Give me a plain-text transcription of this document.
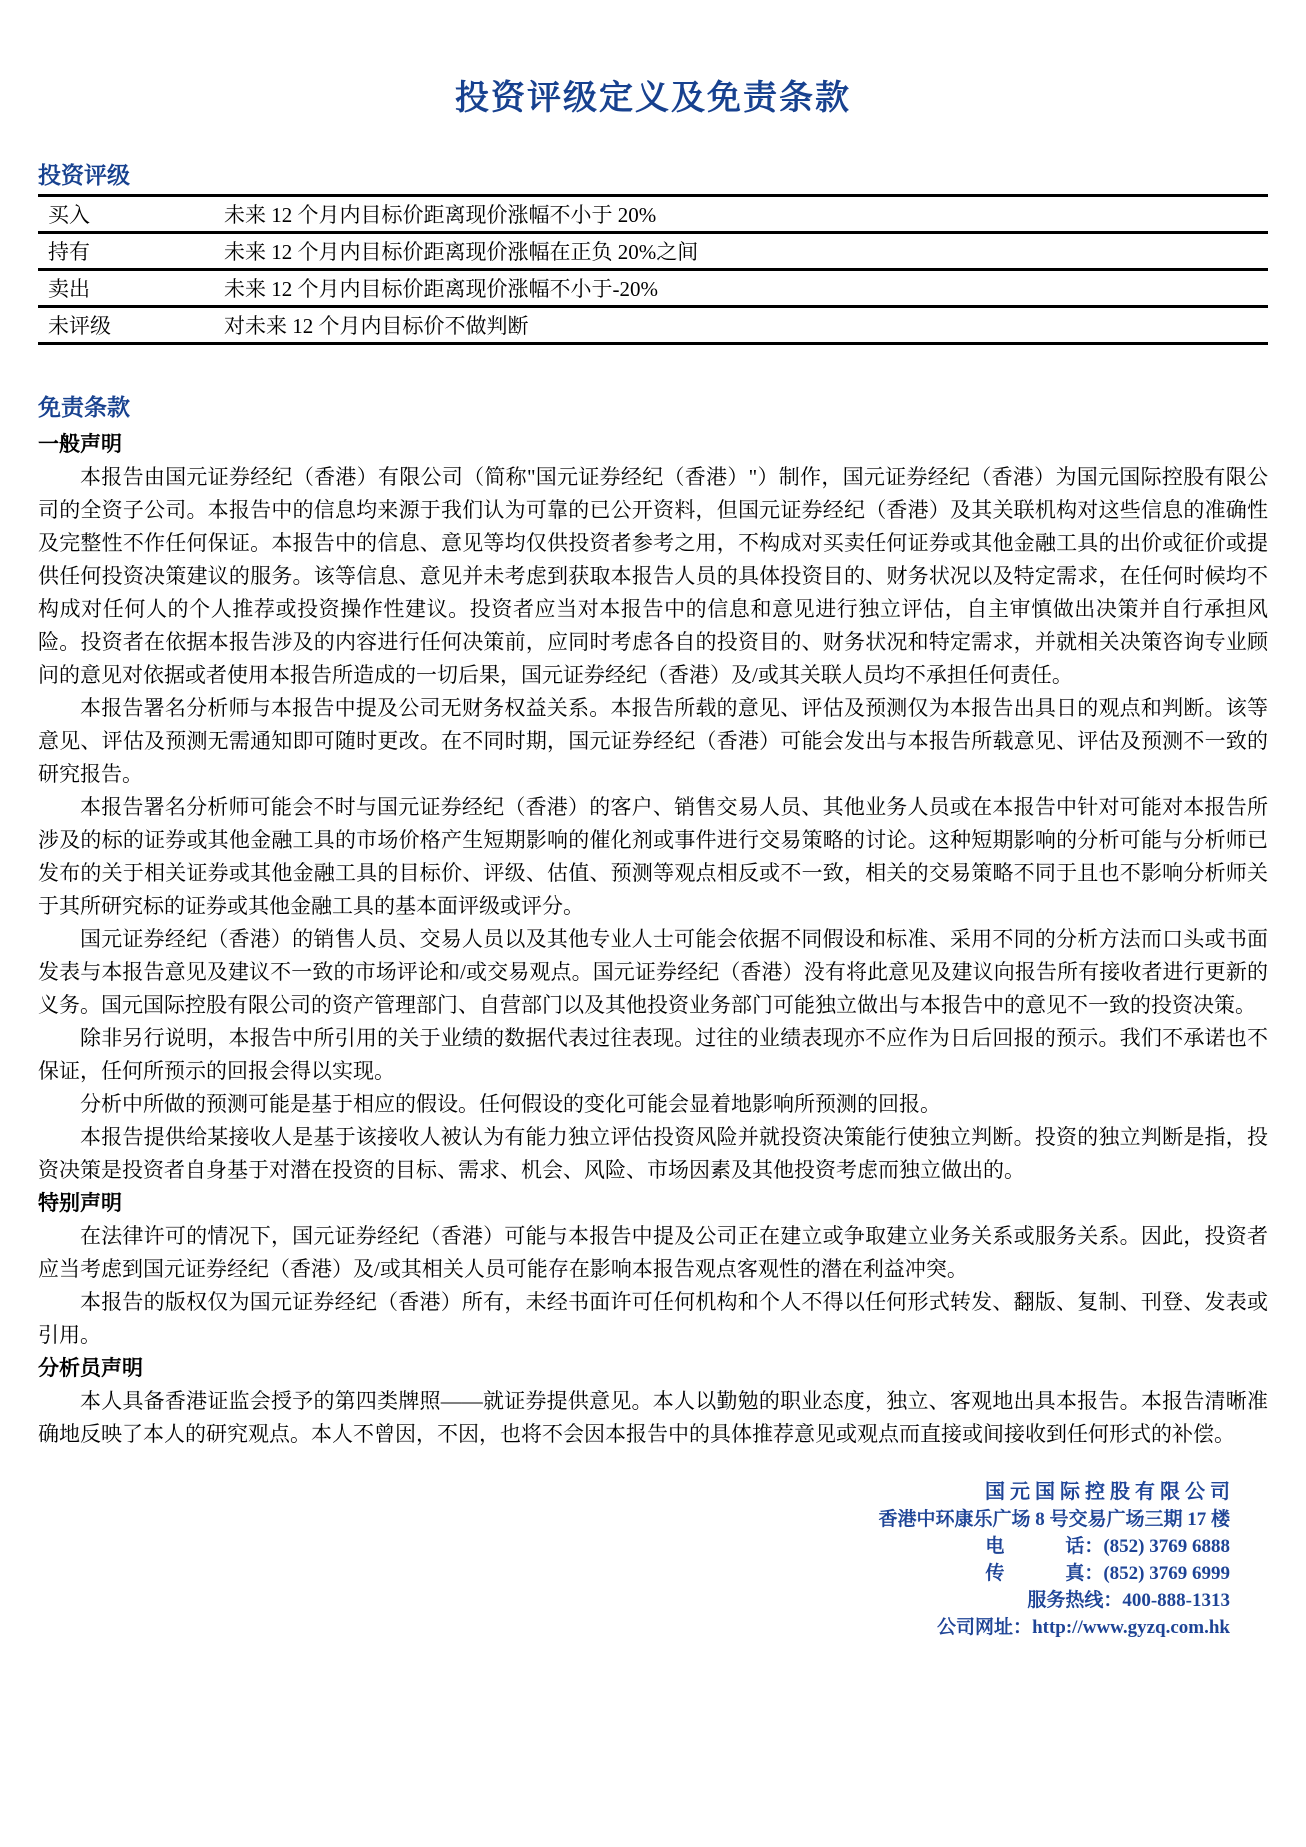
投资评级定义及免责条款
投资评级
买入	未来 12 个月内目标价距离现价涨幅不小于 20%
持有	未来 12 个月内目标价距离现价涨幅在正负 20%之间
卖出	未来 12 个月内目标价距离现价涨幅不小于-20%
未评级	对未来 12 个月内目标价不做判断
免责条款
一般声明

本报告由国元证券经纪（香港）有限公司（简称"国元证券经纪（香港）"）制作，国元证券经纪（香港）为国元国际控股有限公司的全资子公司。本报告中的信息均来源于我们认为可靠的已公开资料，但国元证券经纪（香港）及其关联机构对这些信息的准确性及完整性不作任何保证。本报告中的信息、意见等均仅供投资者参考之用，不构成对买卖任何证券或其他金融工具的出价或征价或提供任何投资决策建议的服务。该等信息、意见并未考虑到获取本报告人员的具体投资目的、财务状况以及特定需求，在任何时候均不构成对任何人的个人推荐或投资操作性建议。投资者应当对本报告中的信息和意见进行独立评估，自主审慎做出决策并自行承担风险。投资者在依据本报告涉及的内容进行任何决策前，应同时考虑各自的投资目的、财务状况和特定需求，并就相关决策咨询专业顾问的意见对依据或者使用本报告所造成的一切后果，国元证券经纪（香港）及/或其关联人员均不承担任何责任。

本报告署名分析师与本报告中提及公司无财务权益关系。本报告所载的意见、评估及预测仅为本报告出具日的观点和判断。该等意见、评估及预测无需通知即可随时更改。在不同时期，国元证券经纪（香港）可能会发出与本报告所载意见、评估及预测不一致的研究报告。

本报告署名分析师可能会不时与国元证券经纪（香港）的客户、销售交易人员、其他业务人员或在本报告中针对可能对本报告所涉及的标的证券或其他金融工具的市场价格产生短期影响的催化剂或事件进行交易策略的讨论。这种短期影响的分析可能与分析师已发布的关于相关证券或其他金融工具的目标价、评级、估值、预测等观点相反或不一致，相关的交易策略不同于且也不影响分析师关于其所研究标的证券或其他金融工具的基本面评级或评分。

国元证券经纪（香港）的销售人员、交易人员以及其他专业人士可能会依据不同假设和标准、采用不同的分析方法而口头或书面发表与本报告意见及建议不一致的市场评论和/或交易观点。国元证券经纪（香港）没有将此意见及建议向报告所有接收者进行更新的义务。国元国际控股有限公司的资产管理部门、自营部门以及其他投资业务部门可能独立做出与本报告中的意见不一致的投资决策。

除非另行说明，本报告中所引用的关于业绩的数据代表过往表现。过往的业绩表现亦不应作为日后回报的预示。我们不承诺也不保证，任何所预示的回报会得以实现。

分析中所做的预测可能是基于相应的假设。任何假设的变化可能会显着地影响所预测的回报。

本报告提供给某接收人是基于该接收人被认为有能力独立评估投资风险并就投资决策能行使独立判断。投资的独立判断是指，投资决策是投资者自身基于对潜在投资的目标、需求、机会、风险、市场因素及其他投资考虑而独立做出的。

特别声明

在法律许可的情况下，国元证券经纪（香港）可能与本报告中提及公司正在建立或争取建立业务关系或服务关系。因此，投资者应当考虑到国元证券经纪（香港）及/或其相关人员可能存在影响本报告观点客观性的潜在利益冲突。

本报告的版权仅为国元证券经纪（香港）所有，未经书面许可任何机构和个人不得以任何形式转发、翻版、复制、刊登、发表或引用。

分析员声明

本人具备香港证监会授予的第四类牌照——就证券提供意见。本人以勤勉的职业态度，独立、客观地出具本报告。本报告清晰准确地反映了本人的研究观点。本人不曾因，不因，也将不会因本报告中的具体推荐意见或观点而直接或间接收到任何形式的补偿。

国 元 国 际 控 股 有 限 公 司
香港中环康乐广场 8 号交易广场三期 17 楼
电	话： (852) 3769 6888
传	真： (852) 3769 6999
服务热线：400-888-1313
公司网址：http://www.gyzq.com.hk
